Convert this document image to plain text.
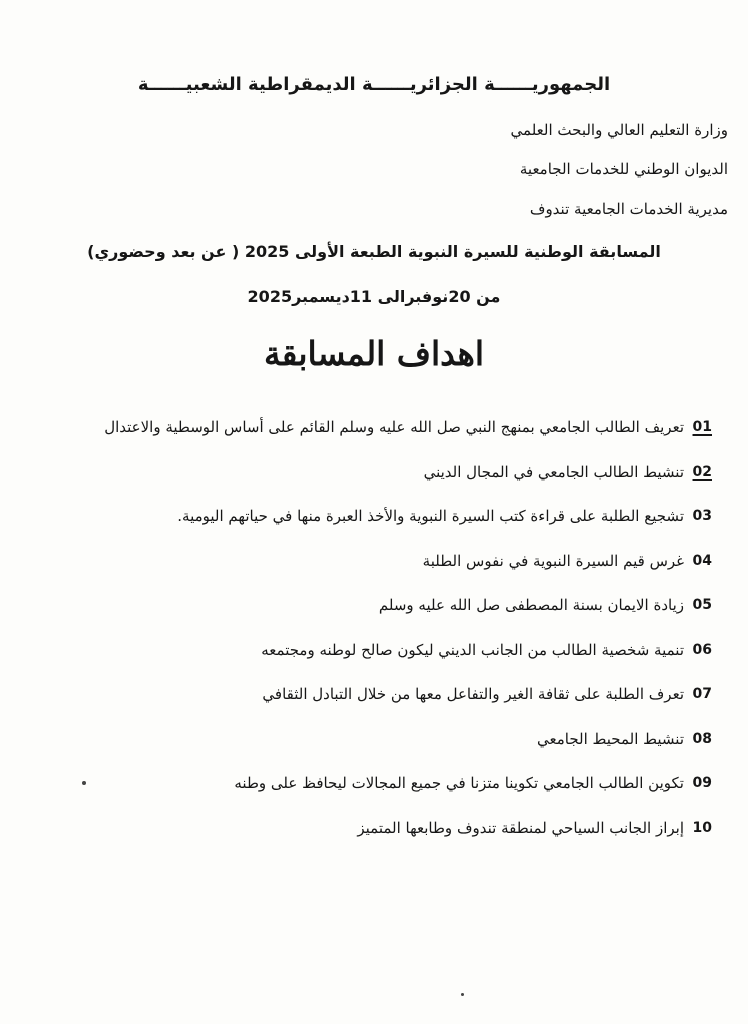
الجمهوريــــــة الجزائريــــــة الديمقراطية الشعبيــــــة
وزارة التعليم العالي والبحث العلمي
الديوان الوطني للخدمات الجامعية
مديرية الخدمات الجامعية تندوف
المسابقة الوطنية للسيرة النبوية الطبعة الأولى 2025 ( عن بعد وحضوري)
من 20نوفبرالى 11ديسمبر2025
اهداف المسابقة
01
تعريف الطالب الجامعي بمنهج النبي صل الله عليه وسلم القائم على أساس الوسطية والاعتدال
02
تنشيط الطالب الجامعي في المجال الديني
03
تشجيع الطلبة على قراءة كتب السيرة النبوية والأخذ العبرة منها في حياتهم اليومية.
04
غرس قيم السيرة النبوية في نفوس الطلبة
05
زيادة الايمان بسنة المصطفى صل الله عليه وسلم
06
تنمية شخصية الطالب من الجانب الديني ليكون صالح لوطنه ومجتمعه
07
تعرف الطلبة على ثقافة الغير والتفاعل معها من خلال التبادل الثقافي
08
تنشيط المحيط الجامعي
09
تكوين الطالب الجامعي تكوينا متزنا في جميع المجالات ليحافظ على وطنه
10
إبراز الجانب السياحي لمنطقة تندوف وطابعها المتميز
